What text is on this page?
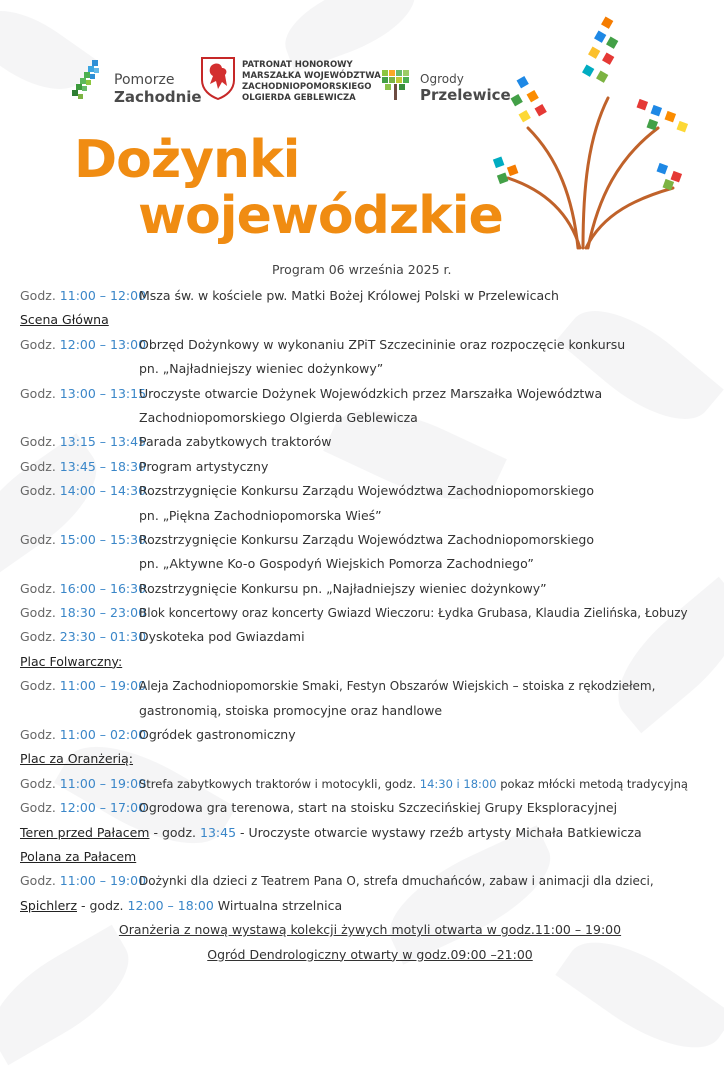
Pomorze
Zachodnie
PATRONAT HONOROWY
MARSZAŁKA WOJEWÓDZTWA
ZACHODNIOPOMORSKIEGO
OLGIERDA GEBLEWICZA
Ogrody
Przelewice
Dożynki
wojewódzkie
Program 06 września 2025 r.
Godz. 11:00 – 12:00
Msza św. w kościele pw. Matki Bożej Królowej Polski w Przelewicach
Scena Główna
Godz. 12:00 – 13:00
Obrzęd Dożynkowy w wykonaniu ZPiT Szczecininie oraz rozpoczęcie konkursu
pn. „Najładniejszy wieniec dożynkowy”
Godz. 13:00 – 13:15
Uroczyste otwarcie Dożynek Wojewódzkich przez Marszałka Województwa
Zachodniopomorskiego Olgierda Geblewicza
Godz. 13:15 – 13:45
Parada zabytkowych traktorów
Godz. 13:45 – 18:30
Program artystyczny
Godz. 14:00 – 14:30
Rozstrzygnięcie Konkursu Zarządu Województwa Zachodniopomorskiego
pn. „Piękna Zachodniopomorska Wieś”
Godz. 15:00 – 15:30
Rozstrzygnięcie Konkursu Zarządu Województwa Zachodniopomorskiego
pn. „Aktywne Ko-o Gospodyń Wiejskich Pomorza Zachodniego”
Godz. 16:00 – 16:30
Rozstrzygnięcie Konkursu pn. „Najładniejszy wieniec dożynkowy”
Godz. 18:30 – 23:00
Blok koncertowy oraz koncerty Gwiazd Wieczoru: Łydka Grubasa, Klaudia Zielińska, Łobuzy
Godz. 23:30 – 01:30
Dyskoteka pod Gwiazdami
Plac Folwarczny:
Godz. 11:00 – 19:00
Aleja Zachodniopomorskie Smaki, Festyn Obszarów Wiejskich – stoiska z rękodziełem,
gastronomią, stoiska promocyjne oraz handlowe
Godz. 11:00 – 02:00
Ogródek gastronomiczny
Plac za Oranżerią:
Godz. 11:00 – 19:00
Strefa zabytkowych traktorów i motocykli, godz. 14:30 i 18:00 pokaz młócki metodą tradycyjną
Godz. 12:00 – 17:00
Ogrodowa gra terenowa, start na stoisku Szczecińskiej Grupy Eksploracyjnej
Teren przed Pałacem - godz. 13:45 - Uroczyste otwarcie wystawy rzeźb artysty Michała Batkiewicza
Polana za Pałacem
Godz. 11:00 – 19:00
Dożynki dla dzieci z Teatrem Pana O, strefa dmuchańców, zabaw i animacji dla dzieci,
Spichlerz - godz. 12:00 – 18:00 Wirtualna strzelnica
Oranżeria z nową wystawą kolekcji żywych motyli otwarta w godz.11:00 – 19:00
Ogród Dendrologiczny otwarty w godz.09:00 –21:00
